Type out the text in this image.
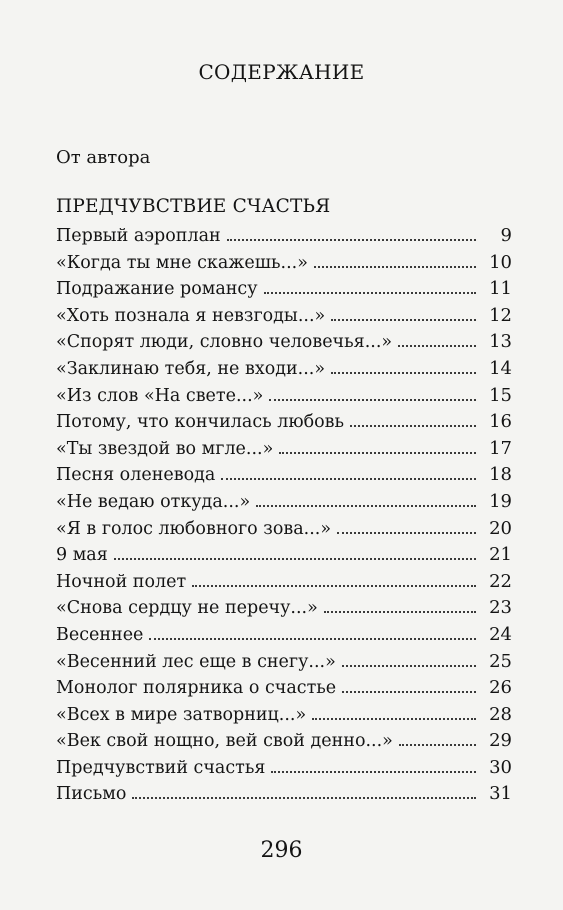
СОДЕРЖАНИЕ
От автора
ПРЕДЧУВСТВИЕ СЧАСТЬЯ
Первый аэроплан	9
«Когда ты мне скажешь...»	10
Подражание романсу	11
«Хоть познала я невзгоды...»	12
«Спорят люди, словно человечья...»	13
«Заклинаю тебя, не входи...»	14
«Из слов «На свете...»	15
Потому, что кончилась любовь	16
«Ты звездой во мгле...»	17
Песня оленевода	18
«Не ведаю откуда...»	19
«Я в голос любовного зова...»	20
9 мая	21
Ночной полет	22
«Снова сердцу не перечу...»	23
Весеннее	24
«Весенний лес еще в снегу...»	25
Монолог полярника о счастье	26
«Всех в мире затворниц...»	28
«Век свой нощно, вей свой денно...»	29
Предчувствий счастья	30
Письмо	31
296
